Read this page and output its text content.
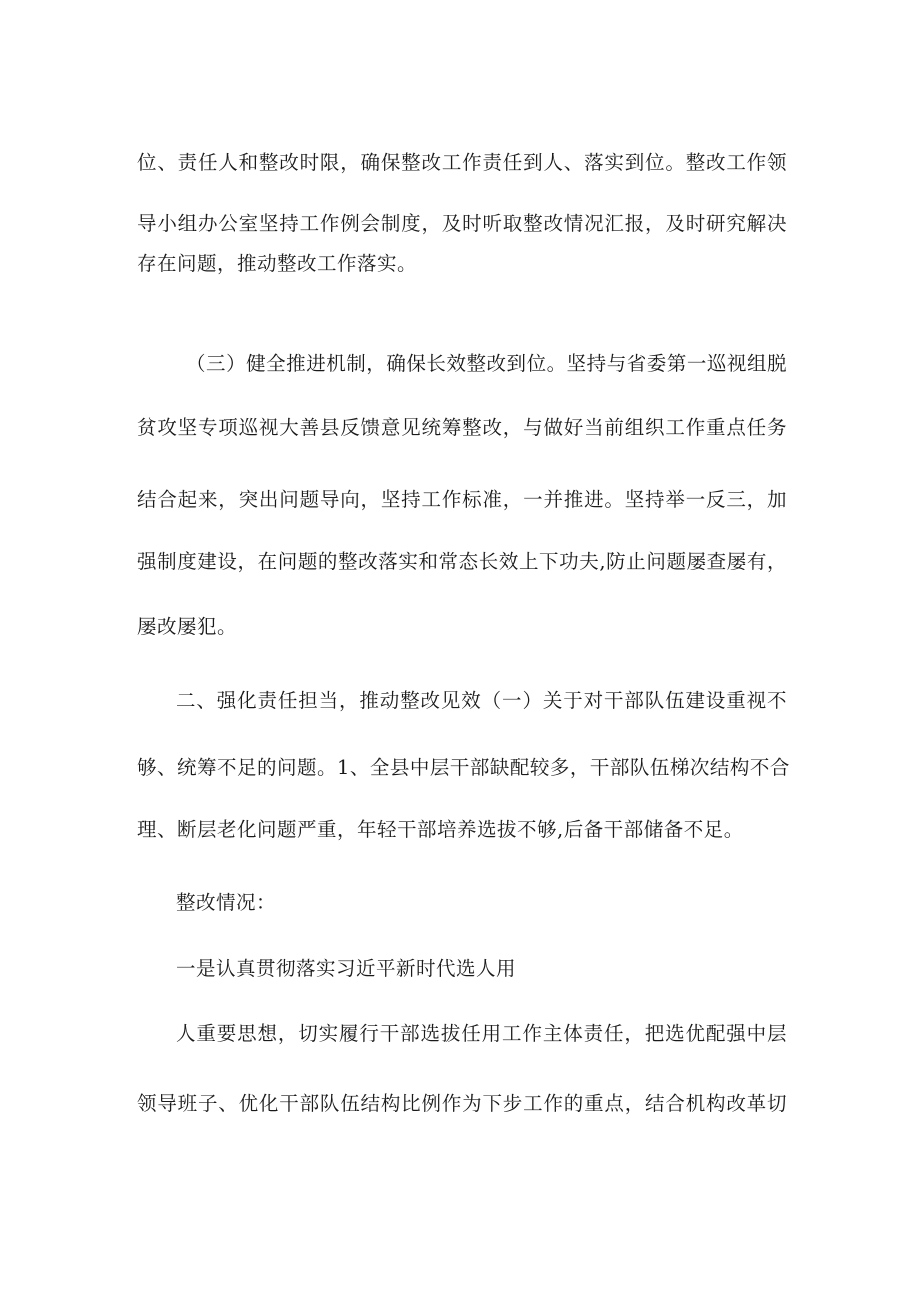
位、责任人和整改时限，确保整改工作责任到人、落实到位。整改工作领
导小组办公室坚持工作例会制度，及时听取整改情况汇报，及时研究解决
存在问题，推动整改工作落实。
（三）健全推进机制，确保长效整改到位。坚持与省委第一巡视组脱
贫攻坚专项巡视大善县反馈意见统筹整改，与做好当前组织工作重点任务
结合起来，突出问题导向，坚持工作标准，一并推进。坚持举一反三，加
强制度建设，在问题的整改落实和常态长效上下功夫,防止问题屡查屡有，
屡改屡犯。
二、强化责任担当，推动整改见效（一）关于对干部队伍建设重视不
够、统筹不足的问题。1、全县中层干部缺配较多，干部队伍梯次结构不合
理、断层老化问题严重，年轻干部培养选拔不够,后备干部储备不足。
整改情况：
一是认真贯彻落实习近平新时代选人用
人重要思想，切实履行干部选拔任用工作主体责任，把选优配强中层
领导班子、优化干部队伍结构比例作为下步工作的重点，结合机构改革切
